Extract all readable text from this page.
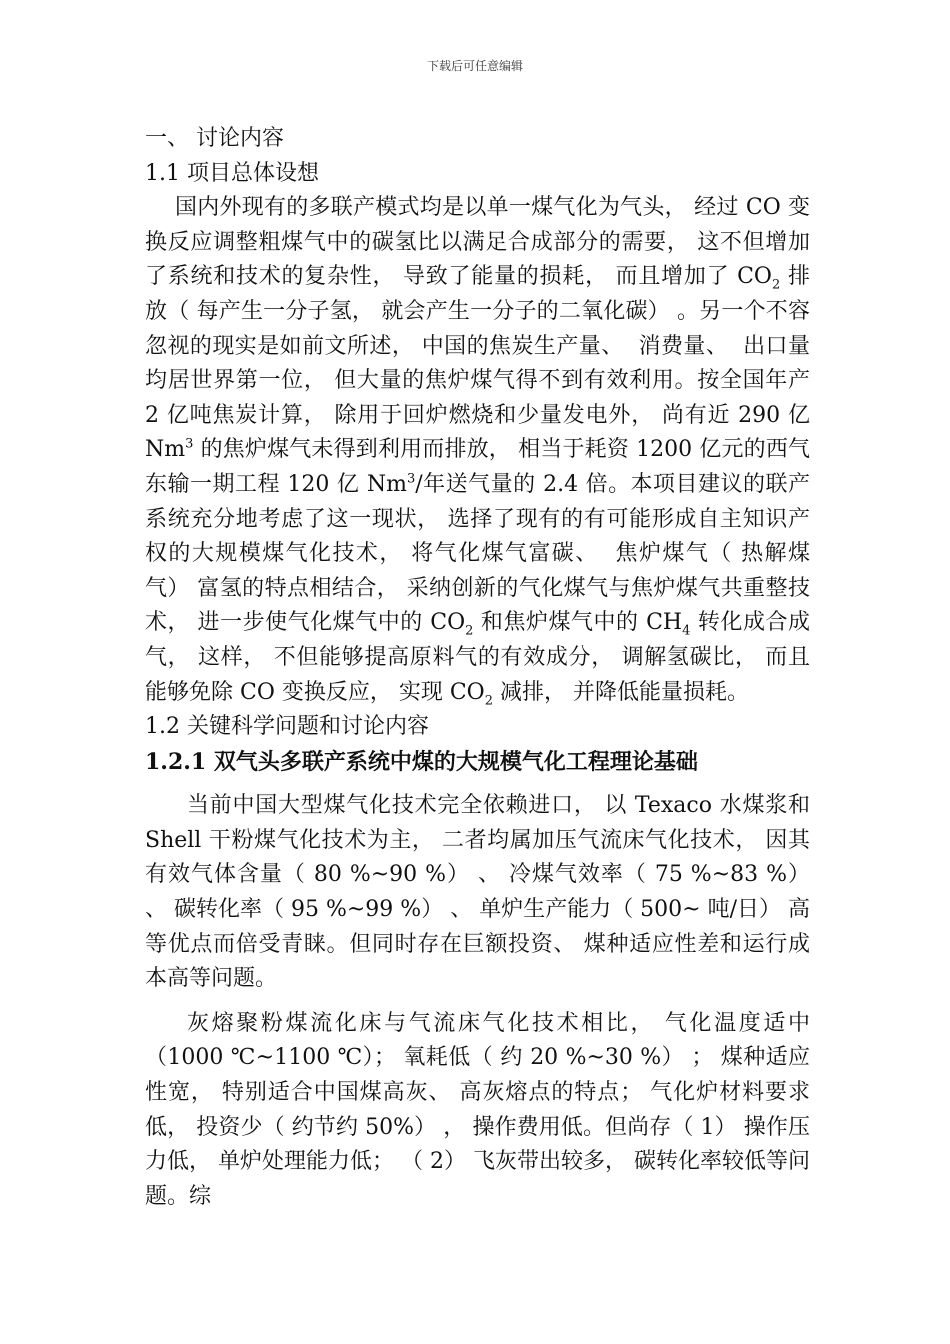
下载后可任意编辑

一、 讨论内容

1.1 项目总体设想

国内外现有的多联产模式均是以单一煤气化为气头， 经过 CO 变换反应调整粗煤气中的碳氢比以满足合成部分的需要， 这不但增加了系统和技术的复杂性， 导致了能量的损耗， 而且增加了 $CO_2$ 排放（ 每产生一分子氢， 就会产生一分子的二氧化碳） 。另一个不容忽视的现实是如前文所述， 中国的焦炭生产量、  消费量、  出口量均居世界第一位， 但大量的焦炉煤气得不到有效利用。按全国年产 2 亿吨焦炭计算， 除用于回炉燃烧和少量发电外， 尚有近 290 亿 Nm$^3$ 的焦炉煤气未得到利用而排放， 相当于耗资 1200 亿元的西气东输一期工程 120 亿 Nm$^3$/年送气量的 2.4 倍。本项目建议的联产系统充分地考虑了这一现状， 选择了现有的有可能形成自主知识产权的大规模煤气化技术， 将气化煤气富碳、  焦炉煤气（ 热解煤气） 富氢的特点相结合， 采纳创新的气化煤气与焦炉煤气共重整技术， 进一步使气化煤气中的 $CO_2$ 和焦炉煤气中的 $CH_4$ 转化成合成气， 这样， 不但能够提高原料气的有效成分， 调解氢碳比， 而且能够免除 CO 变换反应， 实现 $CO_2$ 减排， 并降低能量损耗。

1.2 关键科学问题和讨论内容

1.2.1 双气头多联产系统中煤的大规模气化工程理论基础

当前中国大型煤气化技术完全依赖进口， 以 Texaco 水煤浆和 Shell 干粉煤气化技术为主， 二者均属加压气流床气化技术， 因其有效气体含量（ 80 %~90 %） 、 冷煤气效率（ 75 %~83 %） 、 碳转化率（ 95 %~99 %） 、 单炉生产能力（ 500~ 吨/日） 高等优点而倍受青睐。但同时存在巨额投资、 煤种适应性差和运行成本高等问题。

灰熔聚粉煤流化床与气流床气化技术相比， 气化温度适中（1000 ℃~1100 ℃）； 氧耗低（ 约 20 %~30 %） ； 煤种适应性宽， 特别适合中国煤高灰、 高灰熔点的特点； 气化炉材料要求低， 投资少（ 约节约 50%） ， 操作费用低。但尚存（ 1） 操作压力低， 单炉处理能力低； （ 2） 飞灰带出较多， 碳转化率较低等问题。综
